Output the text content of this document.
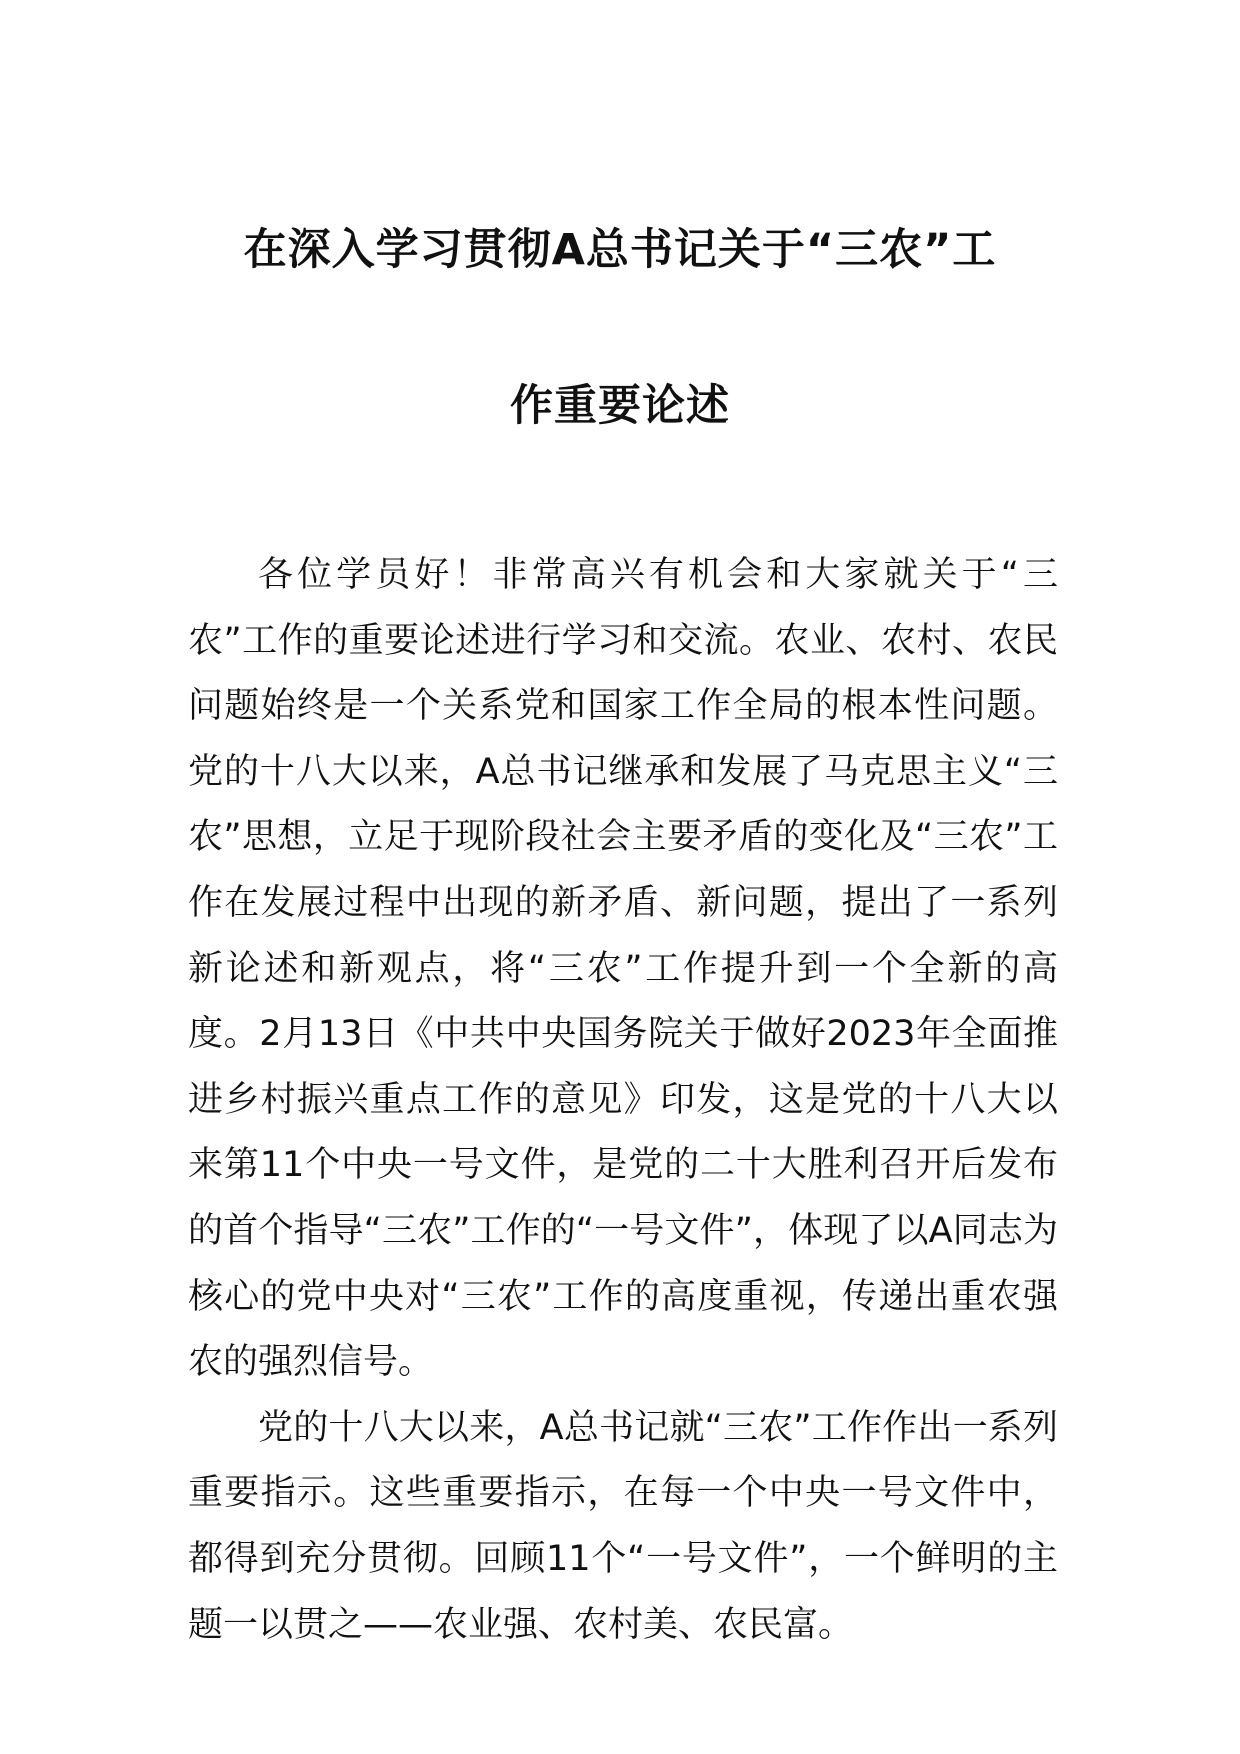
在深入学习贯彻A总书记关于“三农”工
作重要论述

各位学员好！非常高兴有机会和大家就关于“三农”工作的重要论述进行学习和交流。农业、农村、农民问题始终是一个关系党和国家工作全局的根本性问题。党的十八大以来，A总书记继承和发展了马克思主义“三农”思想，立足于现阶段社会主要矛盾的变化及“三农”工作在发展过程中出现的新矛盾、新问题，提出了一系列新论述和新观点，将“三农”工作提升到一个全新的高度。2月13日《中共中央国务院关于做好2023年全面推进乡村振兴重点工作的意见》印发，这是党的十八大以来第11个中央一号文件，是党的二十大胜利召开后发布的首个指导“三农”工作的“一号文件”，体现了以A同志为核心的党中央对“三农”工作的高度重视，传递出重农强农的强烈信号。

党的十八大以来，A总书记就“三农”工作作出一系列重要指示。这些重要指示，在每一个中央一号文件中，都得到充分贯彻。回顾11个“一号文件”，一个鲜明的主题一以贯之——农业强、农村美、农民富。
